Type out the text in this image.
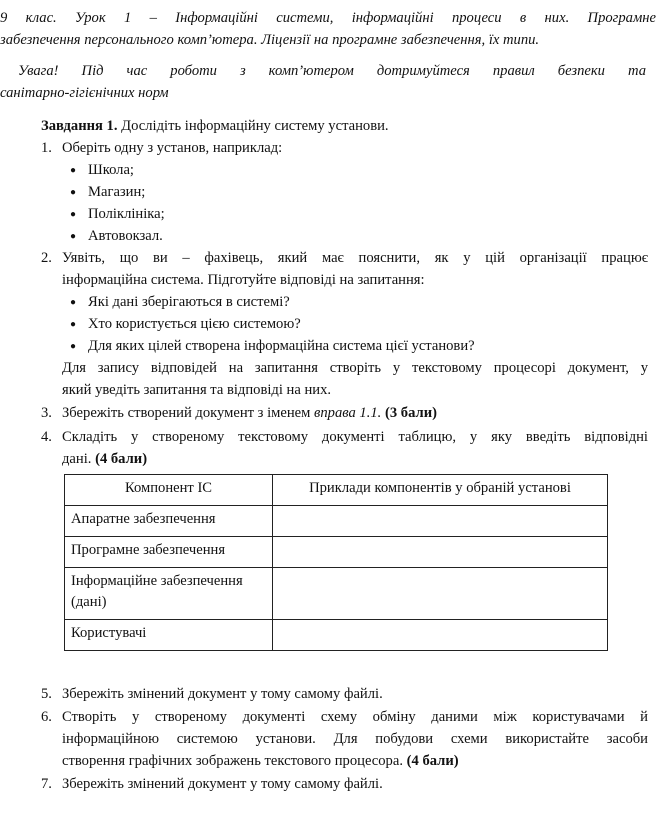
9 клас. Урок 1 – Інформаційні системи, інформаційні процеси в них. Програмне
забезпечення персонального комп’ютера. Ліцензії на програмне забезпечення, їх типи.
Увага! Під час роботи з комп’ютером дотримуйтеся правил безпеки та
санітарно-гігієнічних норм
Завдання 1. Дослідіть інформаційну систему установи.
1. Оберіть одну з установ, наприклад:
● Школа;
● Магазин;
● Поліклініка;
● Автовокзал.
2. Уявіть, що ви – фахівець, який має пояснити, як у цій організації працює
інформаційна система. Підготуйте відповіді на запитання:
● Які дані зберігаються в системі?
● Хто користується цією системою?
● Для яких цілей створена інформаційна система цієї установи?
Для запису відповідей на запитання створіть у текстовому процесорі документ, у
який уведіть запитання та відповіді на них.
3. Збережіть створений документ з іменем вправа 1.1. (3 бали)
4. Складіть у створеному текстовому документі таблицю, у яку введіть відповідні
дані. (4 бали)
Компонент ІС	Приклади компонентів у обраній установі
Апаратне забезпечення	
Програмне забезпечення	
Інформаційне забезпечення (дані)	
Користувачі	
5. Збережіть змінений документ у тому самому файлі.
6. Створіть у створеному документі схему обміну даними між користувачами й
інформаційною системою установи. Для побудови схеми використайте засоби
створення графічних зображень текстового процесора. (4 бали)
7. Збережіть змінений документ у тому самому файлі.
